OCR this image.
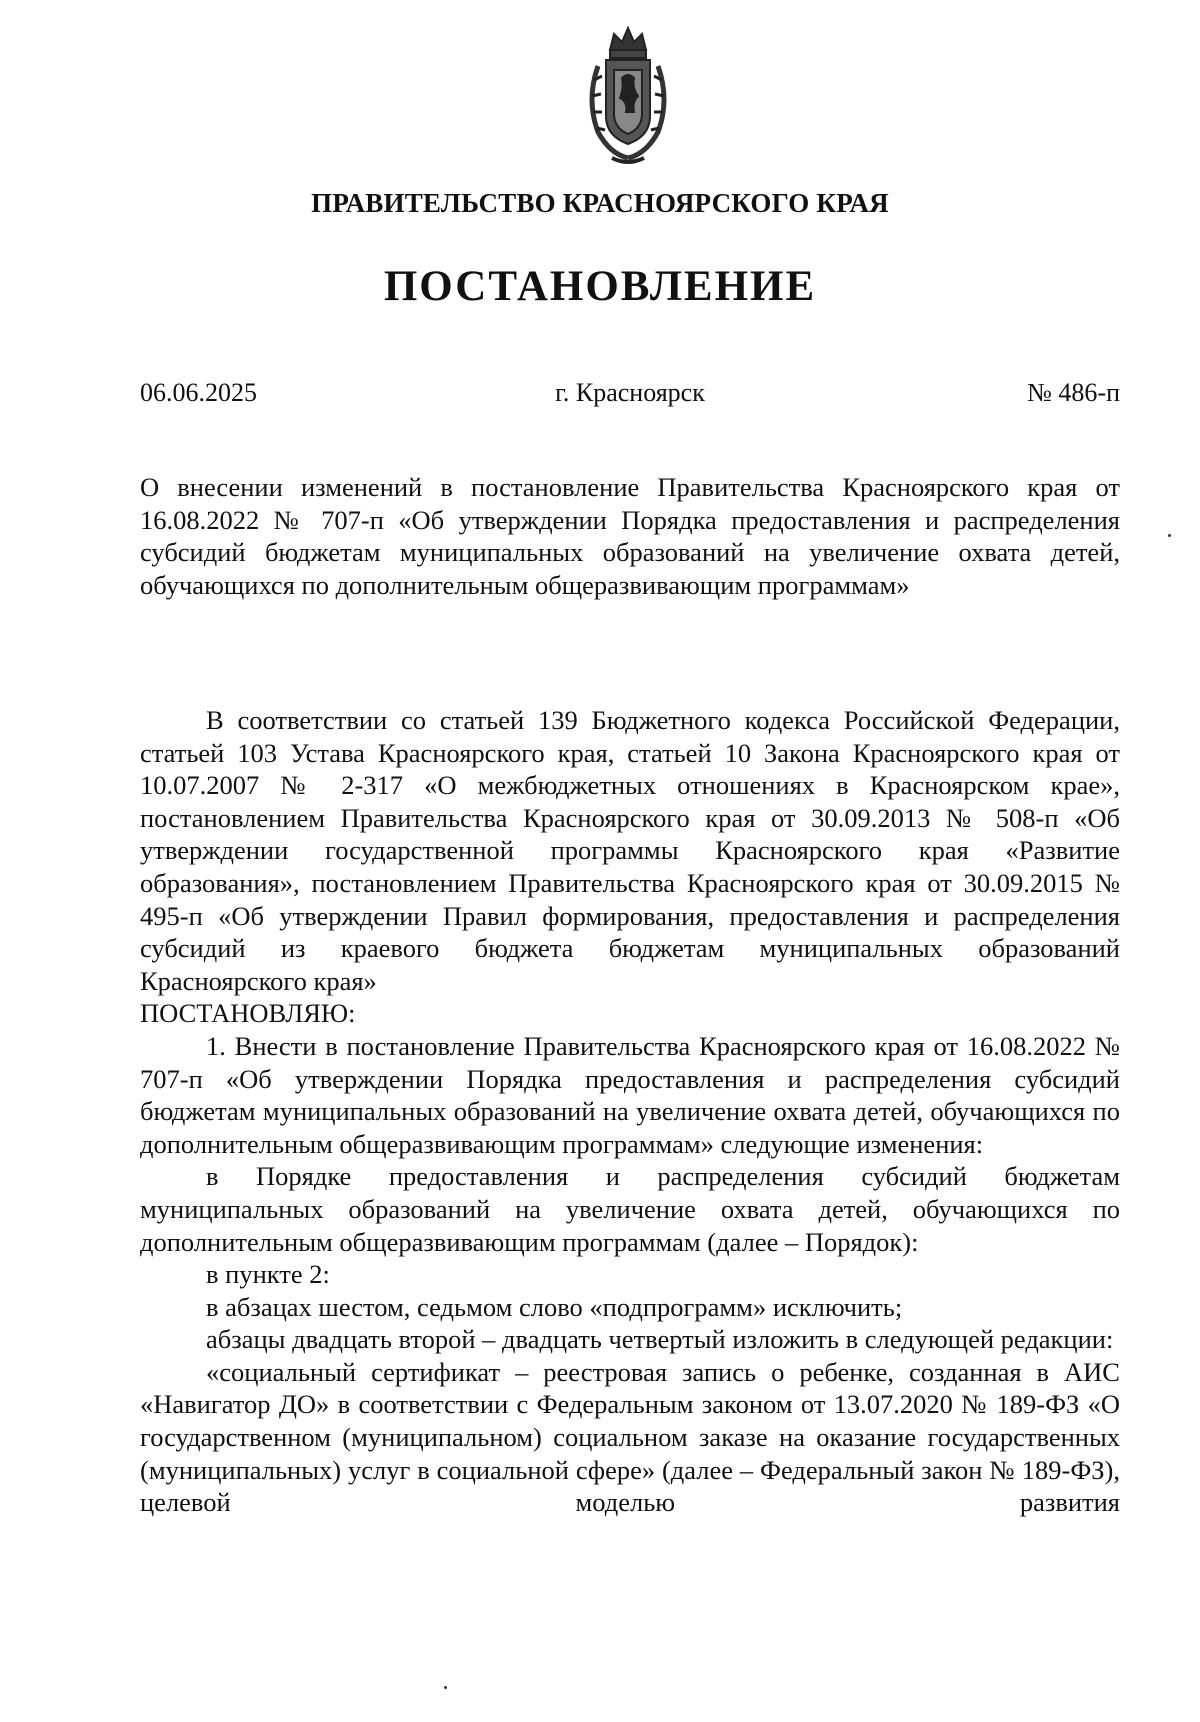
ПРАВИТЕЛЬСТВО КРАСНОЯРСКОГО КРАЯ
ПОСТАНОВЛЕНИЕ
06.06.2025	г. Красноярск	№ 486-п

О внесении изменений в постановление Правительства Красноярского края от 16.08.2022 № 707-п «Об утверждении Порядка предоставления и распределения субсидий бюджетам муниципальных образований на увеличение охвата детей, обучающихся по дополнительным общеразвивающим программам»

В соответствии со статьей 139 Бюджетного кодекса Российской Федерации, статьей 103 Устава Красноярского края, статьей 10 Закона Красноярского края от 10.07.2007 № 2-317 «О межбюджетных отношениях в Красноярском крае», постановлением Правительства Красноярского края от 30.09.2013 № 508-п «Об утверждении государственной программы Красноярского края «Развитие образования», постановлением Правительства Красноярского края от 30.09.2015 № 495-п «Об утверждении Правил формирования, предоставления и распределения субсидий из краевого бюджета бюджетам муниципальных образований Красноярского края»

ПОСТАНОВЛЯЮ:

1. Внести в постановление Правительства Красноярского края от 16.08.2022 № 707-п «Об утверждении Порядка предоставления и распределения субсидий бюджетам муниципальных образований на увеличение охвата детей, обучающихся по дополнительным общеразвивающим программам» следующие изменения:

в Порядке предоставления и распределения субсидий бюджетам муниципальных образований на увеличение охвата детей, обучающихся по дополнительным общеразвивающим программам (далее – Порядок):

в пункте 2:

в абзацах шестом, седьмом слово «подпрограмм» исключить;

абзацы двадцать второй – двадцать четвертый изложить в следующей редакции:

«социальный сертификат – реестровая запись о ребенке, созданная в АИС «Навигатор ДО» в соответствии с Федеральным законом от 13.07.2020 № 189-ФЗ «О государственном (муниципальном) социальном заказе на оказание государственных (муниципальных) услуг в социальной сфере» (далее – Федеральный закон № 189-ФЗ), целевой моделью развития
